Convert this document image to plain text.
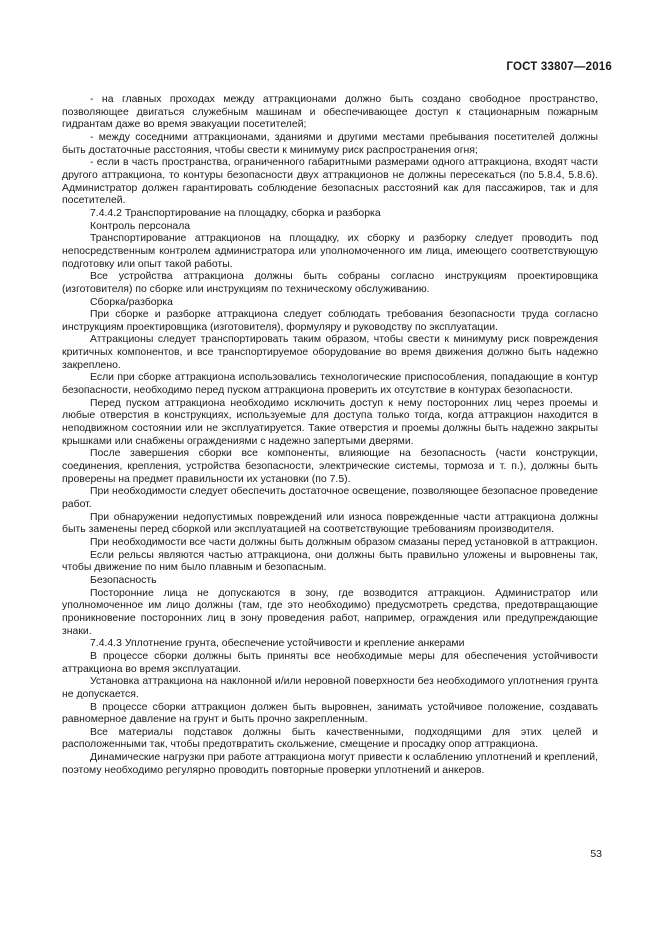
ГОСТ 33807—2016

- на главных проходах между аттракционами должно быть создано свободное пространство, позволяющее двигаться служебным машинам и обеспечивающее доступ к стационарным пожарным гидрантам даже во время эвакуации посетителей;

- между соседними аттракционами, зданиями и другими местами пребывания посетителей должны быть достаточные расстояния, чтобы свести к минимуму риск распространения огня;

- если в часть пространства, ограниченного габаритными размерами одного аттракциона, входят части другого аттракциона, то контуры безопасности двух аттракционов не должны пересекаться (по 5.8.4, 5.8.6). Администратор должен гарантировать соблюдение безопасных расстояний как для пассажиров, так и для посетителей.

7.4.4.2 Транспортирование на площадку, сборка и разборка

Контроль персонала

Транспортирование аттракционов на площадку, их сборку и разборку следует проводить под непосредственным контролем администратора или уполномоченного им лица, имеющего соответствующую подготовку или опыт такой работы.

Все устройства аттракциона должны быть собраны согласно инструкциям проектировщика (изготовителя) по сборке или инструкциям по техническому обслуживанию.

Сборка/разборка

При сборке и разборке аттракциона следует соблюдать требования безопасности труда согласно инструкциям проектировщика (изготовителя), формуляру и руководству по эксплуатации.

Аттракционы следует транспортировать таким образом, чтобы свести к минимуму риск повреждения критичных компонентов, и все транспортируемое оборудование во время движения должно быть надежно закреплено.

Если при сборке аттракциона использовались технологические приспособления, попадающие в контур безопасности, необходимо перед пуском аттракциона проверить их отсутствие в контурах безопасности.

Перед пуском аттракциона необходимо исключить доступ к нему посторонних лиц через проемы и любые отверстия в конструкциях, используемые для доступа только тогда, когда аттракцион находится в неподвижном состоянии или не эксплуатируется. Такие отверстия и проемы должны быть надежно закрыты крышками или снабжены ограждениями с надежно запертыми дверями.

После завершения сборки все компоненты, влияющие на безопасность (части конструкции, соединения, крепления, устройства безопасности, электрические системы, тормоза и т. п.), должны быть проверены на предмет правильности их установки (по 7.5).

При необходимости следует обеспечить достаточное освещение, позволяющее безопасное проведение работ.

При обнаружении недопустимых повреждений или износа поврежденные части аттракциона должны быть заменены перед сборкой или эксплуатацией на соответствующие требованиям производителя.

При необходимости все части должны быть должным образом смазаны перед установкой в аттракцион.

Если рельсы являются частью аттракциона, они должны быть правильно уложены и выровнены так, чтобы движение по ним было плавным и безопасным.

Безопасность

Посторонние лица не допускаются в зону, где возводится аттракцион. Администратор или уполномоченное им лицо должны (там, где это необходимо) предусмотреть средства, предотвращающие проникновение посторонних лиц в зону проведения работ, например, ограждения или предупреждающие знаки.

7.4.4.3 Уплотнение грунта, обеспечение устойчивости и крепление анкерами

В процессе сборки должны быть приняты все необходимые меры для обеспечения устойчивости аттракциона во время эксплуатации.

Установка аттракциона на наклонной и/или неровной поверхности без необходимого уплотнения грунта не допускается.

В процессе сборки аттракцион должен быть выровнен, занимать устойчивое положение, создавать равномерное давление на грунт и быть прочно закрепленным.

Все материалы подставок должны быть качественными, подходящими для этих целей и расположенными так, чтобы предотвратить скольжение, смещение и просадку опор аттракциона.

Динамические нагрузки при работе аттракциона могут привести к ослаблению уплотнений и креплений, поэтому необходимо регулярно проводить повторные проверки уплотнений и анкеров.

53
